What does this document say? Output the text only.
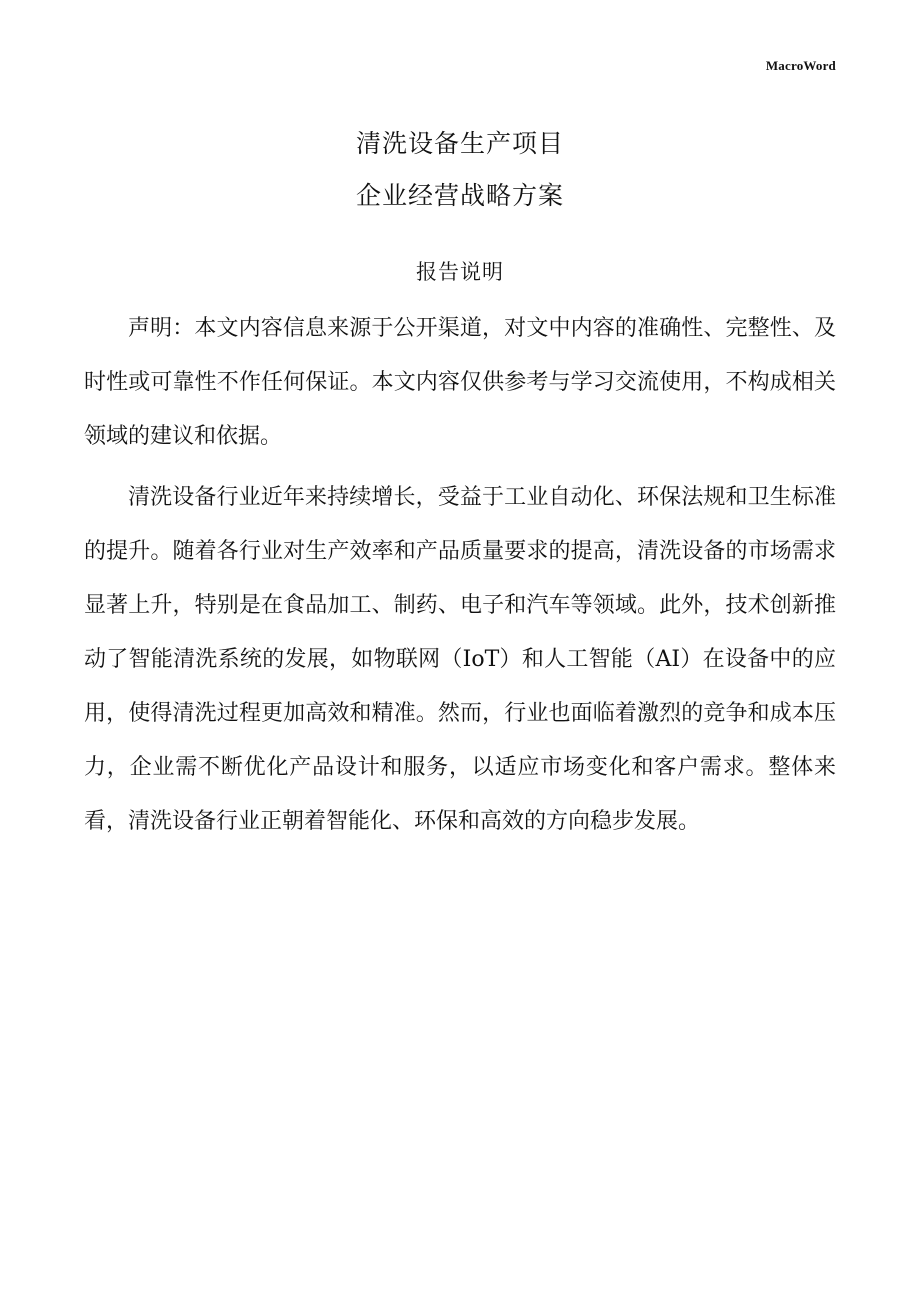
MacroWord
清洗设备生产项目
企业经营战略方案
报告说明

声明：本文内容信息来源于公开渠道，对文中内容的准确性、完整性、及时性或可靠性不作任何保证。本文内容仅供参考与学习交流使用，不构成相关领域的建议和依据。

清洗设备行业近年来持续增长，受益于工业自动化、环保法规和卫生标准的提升。随着各行业对生产效率和产品质量要求的提高，清洗设备的市场需求显著上升，特别是在食品加工、制药、电子和汽车等领域。此外，技术创新推动了智能清洗系统的发展，如物联网（IoT）和人工智能（AI）在设备中的应用，使得清洗过程更加高效和精准。然而，行业也面临着激烈的竞争和成本压力，企业需不断优化产品设计和服务，以适应市场变化和客户需求。整体来看，清洗设备行业正朝着智能化、环保和高效的方向稳步发展。
